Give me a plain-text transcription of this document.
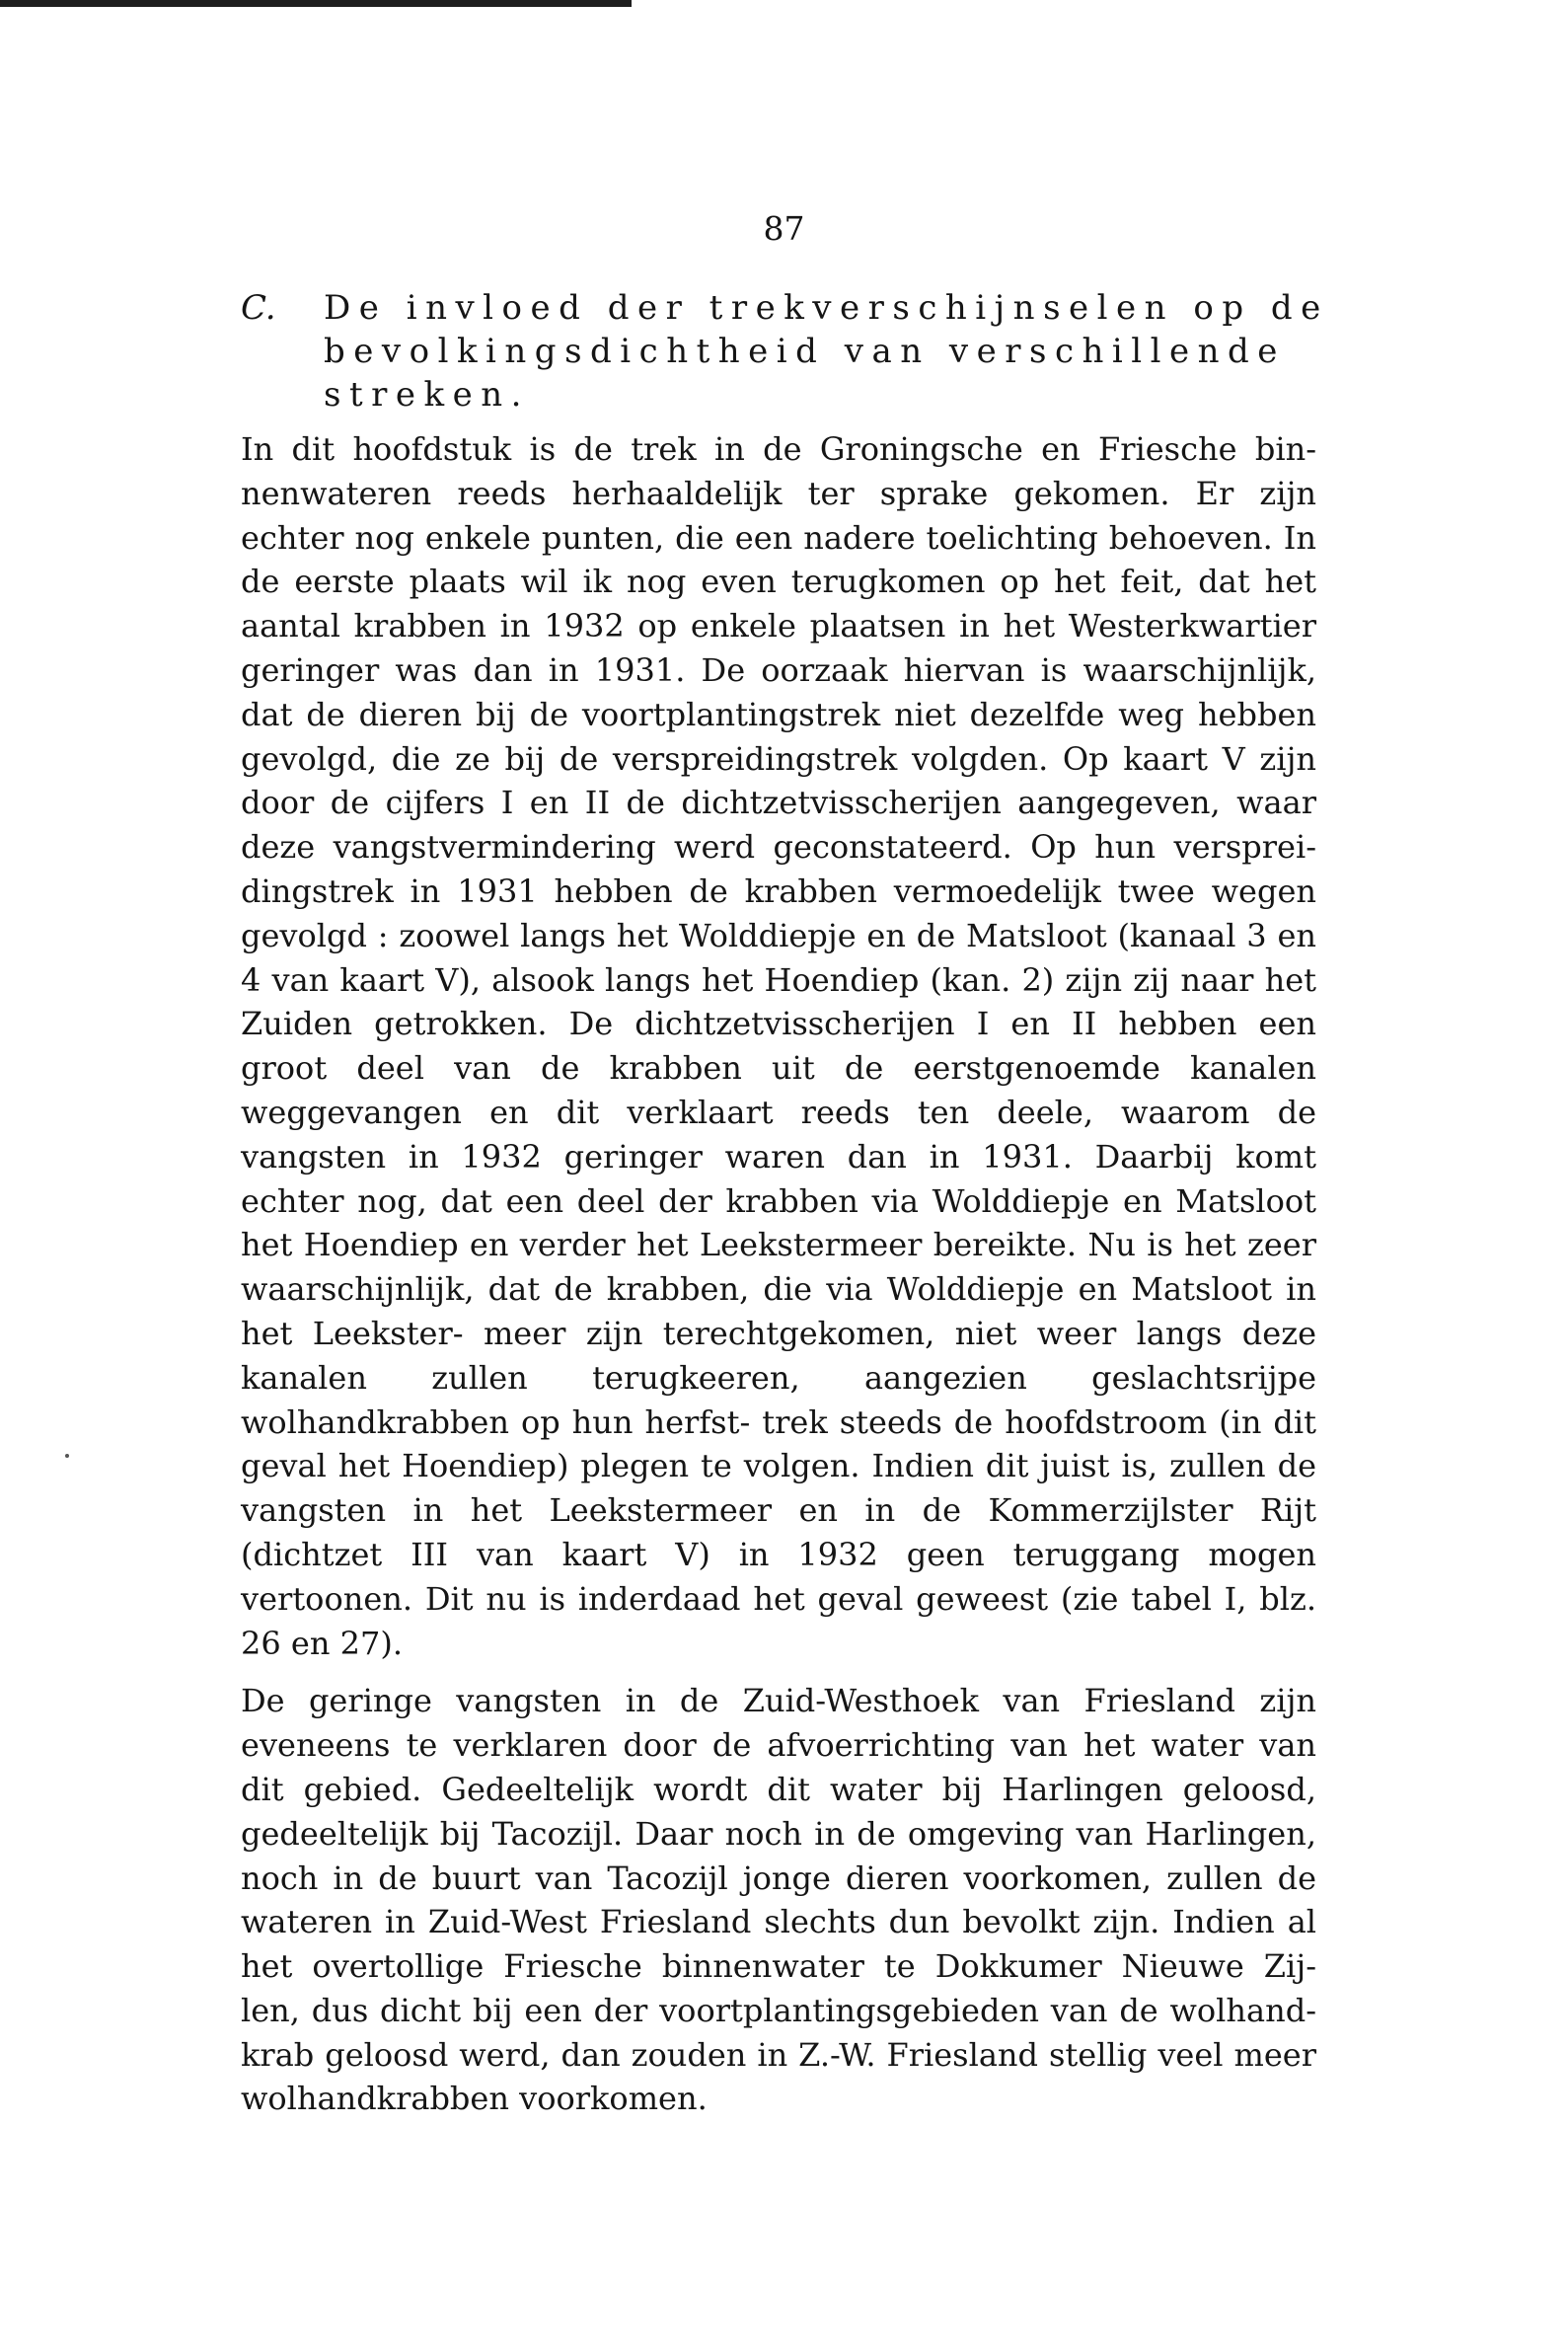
87
C.	De invloed der trekverschijnselen op de
bevolkingsdichtheid van verschillende
streken.

In dit hoofdstuk is de trek in de Groningsche en Friesche bin- nenwateren reeds herhaaldelijk ter sprake gekomen. Er zijn echter nog enkele punten, die een nadere toelichting behoeven. In de eerste plaats wil ik nog even terugkomen op het feit, dat het aantal krabben in 1932 op enkele plaatsen in het Westerkwartier geringer was dan in 1931. De oorzaak hiervan is waarschijnlijk, dat de dieren bij de voortplantingstrek niet dezelfde weg hebben gevolgd, die ze bij de verspreidingstrek volgden. Op kaart V zijn door de cijfers I en II de dichtzetvisscherijen aangegeven, waar deze vangstvermindering werd geconstateerd. Op hun versprei- dingstrek in 1931 hebben de krabben vermoedelijk twee wegen gevolgd : zoowel langs het Wolddiepje en de Matsloot (kanaal 3 en 4 van kaart V), alsook langs het Hoendiep (kan. 2) zijn zij naar het Zuiden getrokken. De dichtzetvisscherijen I en II hebben een groot deel van de krabben uit de eerstgenoemde kanalen weggevangen en dit verklaart reeds ten deele, waarom de vangsten in 1932 geringer waren dan in 1931. Daarbij komt echter nog, dat een deel der krabben via Wolddiepje en Matsloot het Hoendiep en verder het Leekstermeer bereikte. Nu is het zeer waarschijnlijk, dat de krabben, die via Wolddiepje en Matsloot in het Leekster- meer zijn terechtgekomen, niet weer langs deze kanalen zullen terugkeeren, aangezien geslachtsrijpe wolhandkrabben op hun herfst- trek steeds de hoofdstroom (in dit geval het Hoendiep) plegen te volgen. Indien dit juist is, zullen de vangsten in het Leekstermeer en in de Kommerzijlster Rijt (dichtzet III van kaart V) in 1932 geen teruggang mogen vertoonen. Dit nu is inderdaad het geval geweest (zie tabel I, blz. 26 en 27).

De geringe vangsten in de Zuid-Westhoek van Friesland zijn eveneens te verklaren door de afvoerrichting van het water van dit gebied. Gedeeltelijk wordt dit water bij Harlingen geloosd, gedeeltelijk bij Tacozijl. Daar noch in de omgeving van Harlingen, noch in de buurt van Tacozijl jonge dieren voorkomen, zullen de wateren in Zuid-West Friesland slechts dun bevolkt zijn. Indien al het overtollige Friesche binnenwater te Dokkumer Nieuwe Zij- len, dus dicht bij een der voortplantingsgebieden van de wolhand- krab geloosd werd, dan zouden in Z.-W. Friesland stellig veel meer wolhandkrabben voorkomen.
